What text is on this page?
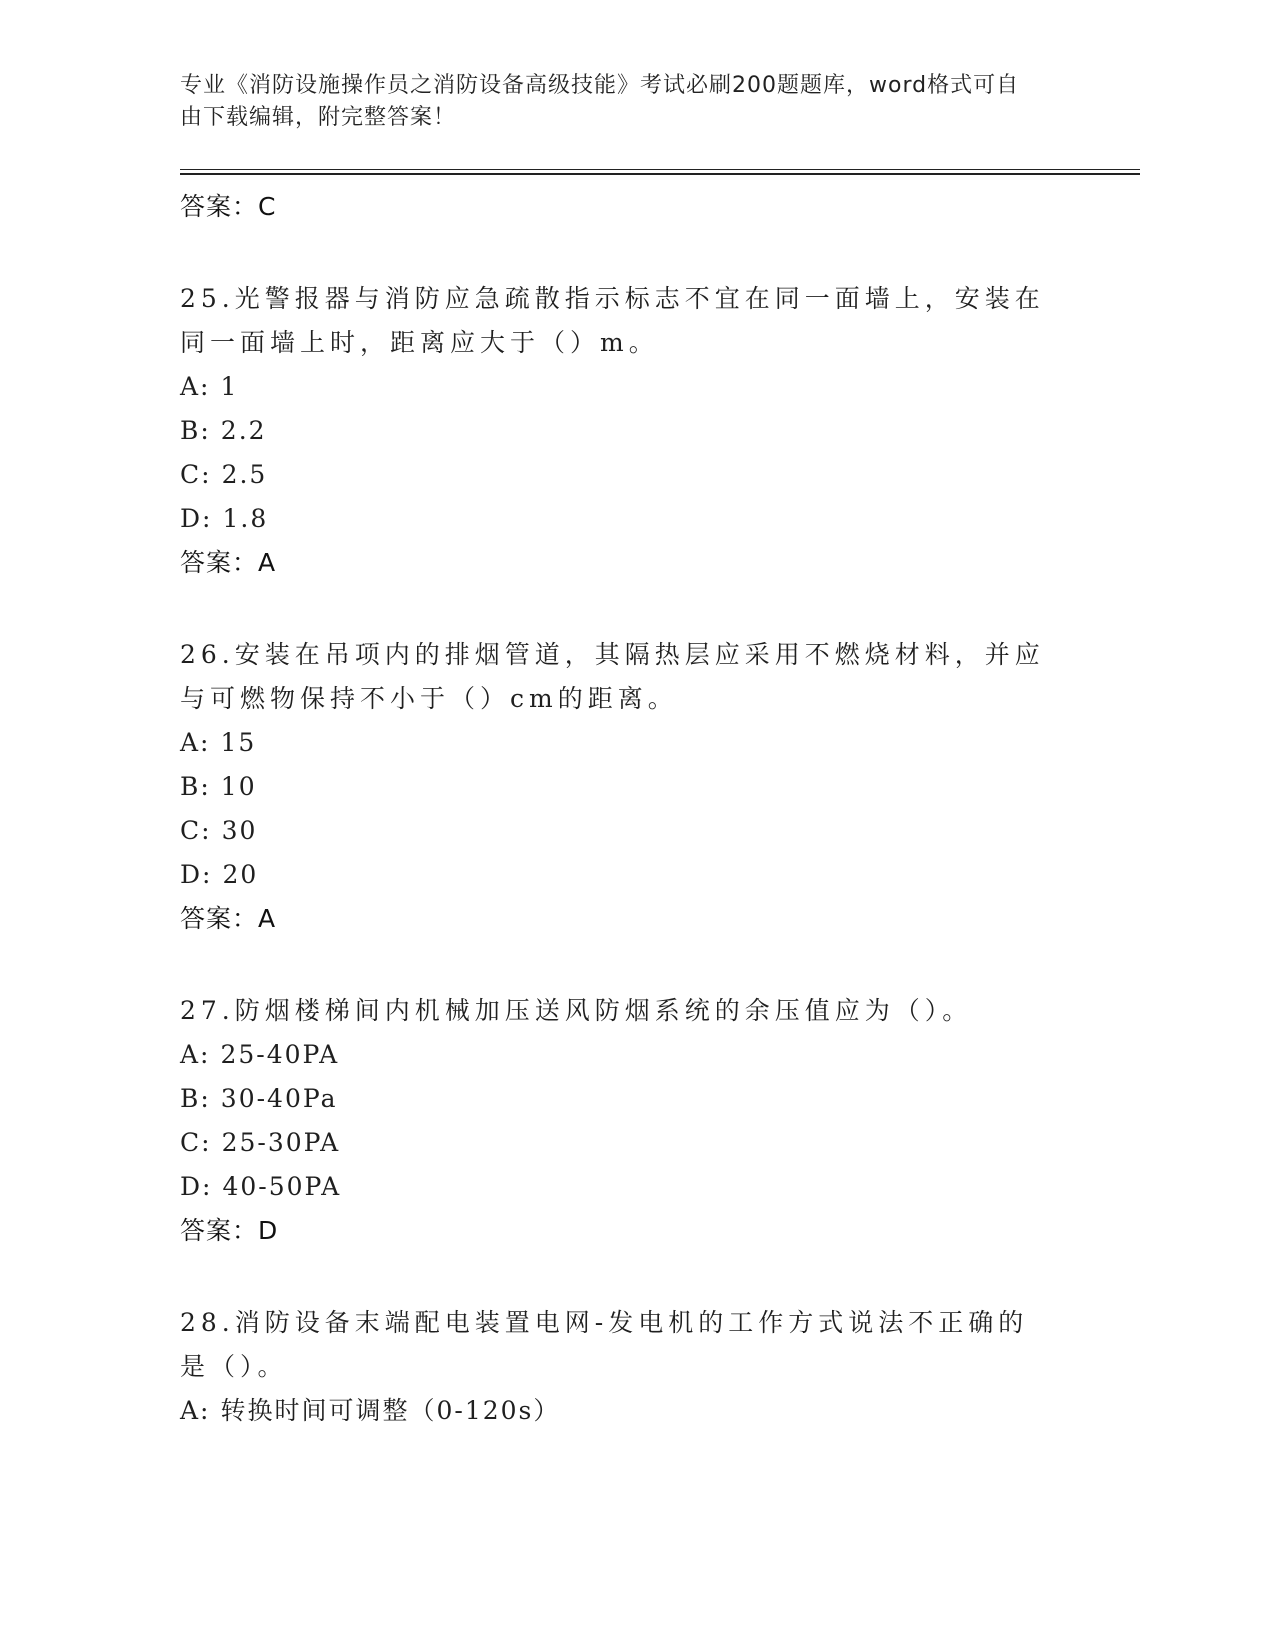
专业《消防设施操作员之消防设备高级技能》考试必刷200题题库，word格式可自由下载编辑，附完整答案！
答案：C
25.光警报器与消防应急疏散指示标志不宜在同一面墙上，安装在同一面墙上时，距离应大于（）m。
A: 1
B: 2.2
C: 2.5
D: 1.8
答案：A
26.安装在吊项内的排烟管道，其隔热层应采用不燃烧材料，并应与可燃物保持不小于（）cm的距离。
A: 15
B: 10
C: 30
D: 20
答案：A
27.防烟楼梯间内机械加压送风防烟系统的余压值应为（）。
A: 25-40PA
B: 30-40Pa
C: 25-30PA
D: 40-50PA
答案：D
28.消防设备末端配电装置电网-发电机的工作方式说法不正确的是（）。
A: 转换时间可调整（0-120s）
